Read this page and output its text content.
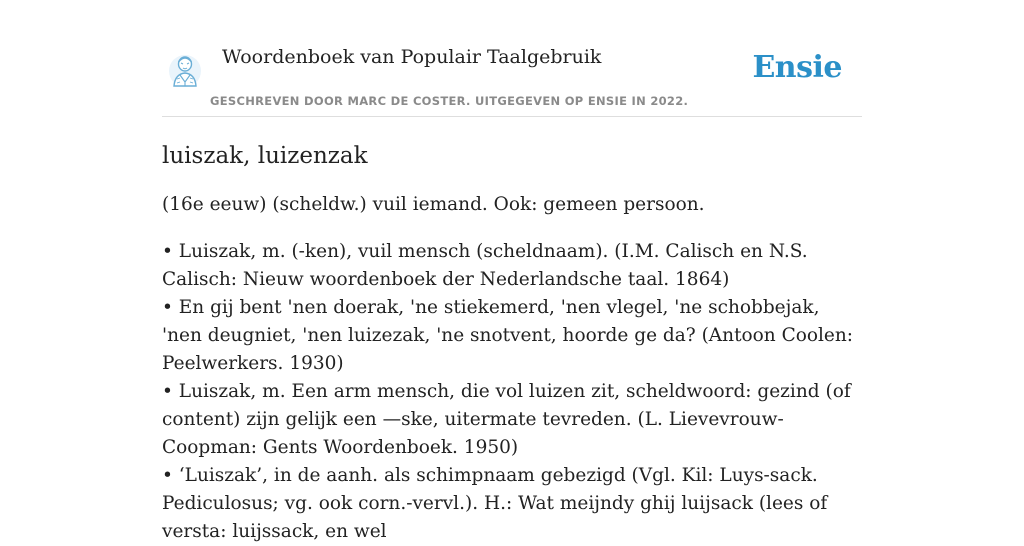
Woordenboek van Populair Taalgebruik
GESCHREVEN DOOR MARC DE COSTER. UITGEGEVEN OP ENSIE IN 2022.
Ensie
luiszak, luizenzak

(16e eeuw) (scheldw.) vuil iemand. Ook: gemeen persoon.

• Luiszak, m. (-ken), vuil mensch (scheldnaam). (I.M. Calisch en N.S. Calisch: Nieuw woordenboek der Nederlandsche taal. 1864)
• En gij bent 'nen doerak, 'ne stiekemerd, 'nen vlegel, 'ne schobbejak, 'nen deugniet, 'nen luizezak, 'ne snotvent, hoorde ge da? (Antoon Coolen: Peelwerkers. 1930)
• Luiszak, m. Een arm mensch, die vol luizen zit, scheldwoord: gezind (of content) zijn gelijk een —ske, uitermate tevreden. (L. Lievevrouw-Coopman: Gents Woordenboek. 1950)
• ‘Luiszak’, in de aanh. als schimpnaam gebezigd (Vgl. Kil: Luys-sack. Pediculosus; vg. ook corn.-vervl.). H.: Wat meijndy ghij luijsack (lees of versta: luijssack, en wel
